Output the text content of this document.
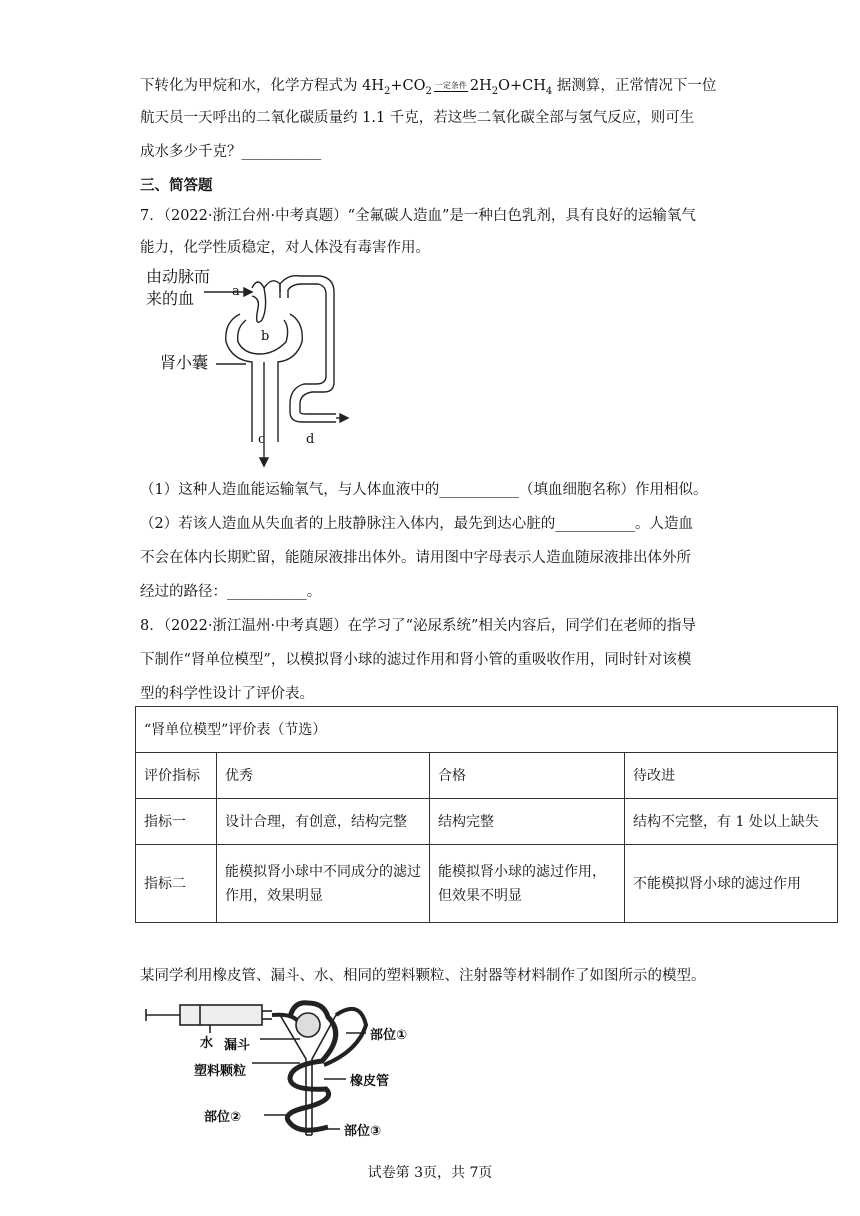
下转化为甲烷和水，化学方程式为 $4H_2+CO_2$
一定条件 $2H_2O+CH_4$ 据测算，正常情况下一位
航天员一天呼出的二氧化碳质量约 1.1 千克，若这些二氧化碳全部与氢气反应，则可生
成水多少千克？___________
三、简答题
7．（2022·浙江台州·中考真题）“全氟碳人造血”是一种白色乳剂，具有良好的运输氧气
能力，化学性质稳定，对人体没有毒害作用。
由动脉而
来的血
肾小囊
a
b
c	d
（1）这种人造血能运输氧气，与人体血液中的___________（填血细胞名称）作用相似。
（2）若该人造血从失血者的上肢静脉注入体内，最先到达心脏的___________。人造血
不会在体内长期贮留，能随尿液排出体外。请用图中字母表示人造血随尿液排出体外所
经过的路径：___________。
8．（2022·浙江温州·中考真题）在学习了“泌尿系统”相关内容后，同学们在老师的指导
下制作“肾单位模型”，以模拟肾小球的滤过作用和肾小管的重吸收作用，同时针对该模
型的科学性设计了评价表。
“肾单位模型”评价表（节选）			
评价指标	优秀	合格	待改进
指标一	设计合理，有创意，结构完整	结构完整	结构不完整，有 1 处以上缺失
指标二	能模拟肾小球中不同成分的滤过作用，效果明显	能模拟肾小球的滤过作用，但效果不明显	不能模拟肾小球的滤过作用
某同学利用橡皮管、漏斗、水、相同的塑料颗粒、注射器等材料制作了如图所示的模型。
水 漏斗
塑料颗粒
部位①
橡皮管
部位②
部位③
试卷第 3页，共 7页
